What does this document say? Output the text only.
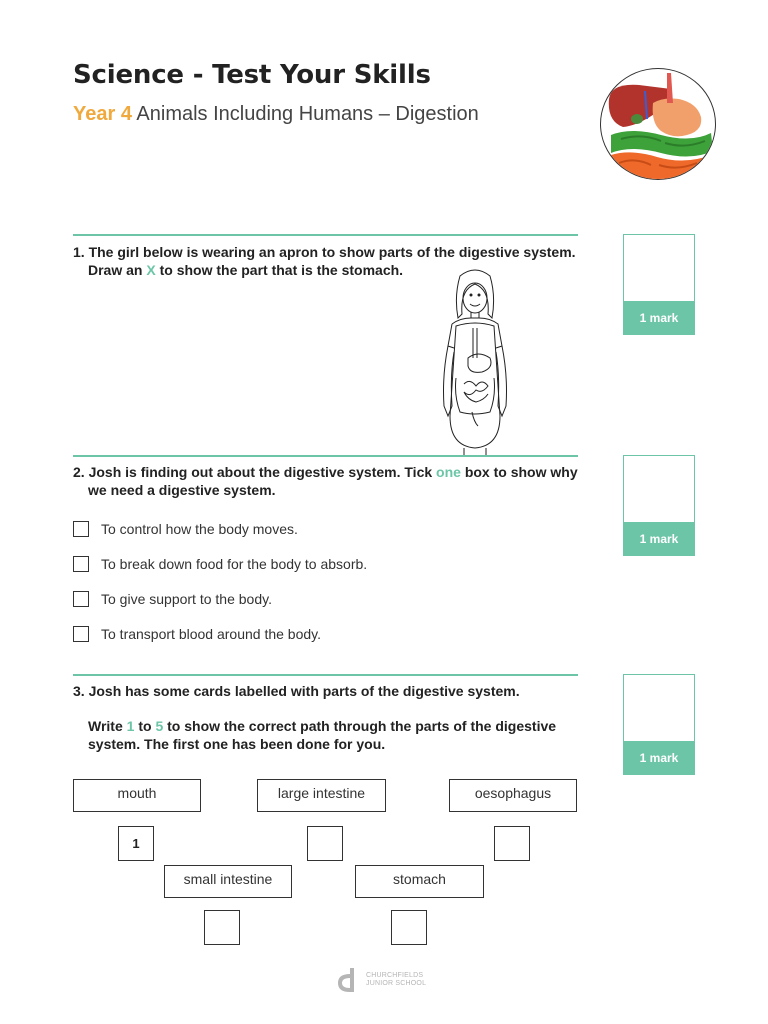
Science - Test Your Skills
Year 4 Animals Including Humans – Digestion
1. The girl below is wearing an apron to show parts of the digestive system.
Draw an X to show the part that is the stomach.
1 mark
2. Josh is finding out about the digestive system. Tick one box to show why
we need a digestive system.
1 mark
To control how the body moves.
To break down food for the body to absorb.
To give support to the body.
To transport blood around the body.
3. Josh has some cards labelled with parts of the digestive system.
Write 1 to 5 to show the correct path through the parts of the digestive
system. The first one has been done for you.
1 mark
mouth	large intestine	oesophagus
1
small intestine	stomach
CHURCHFIELDS
JUNIOR SCHOOL
